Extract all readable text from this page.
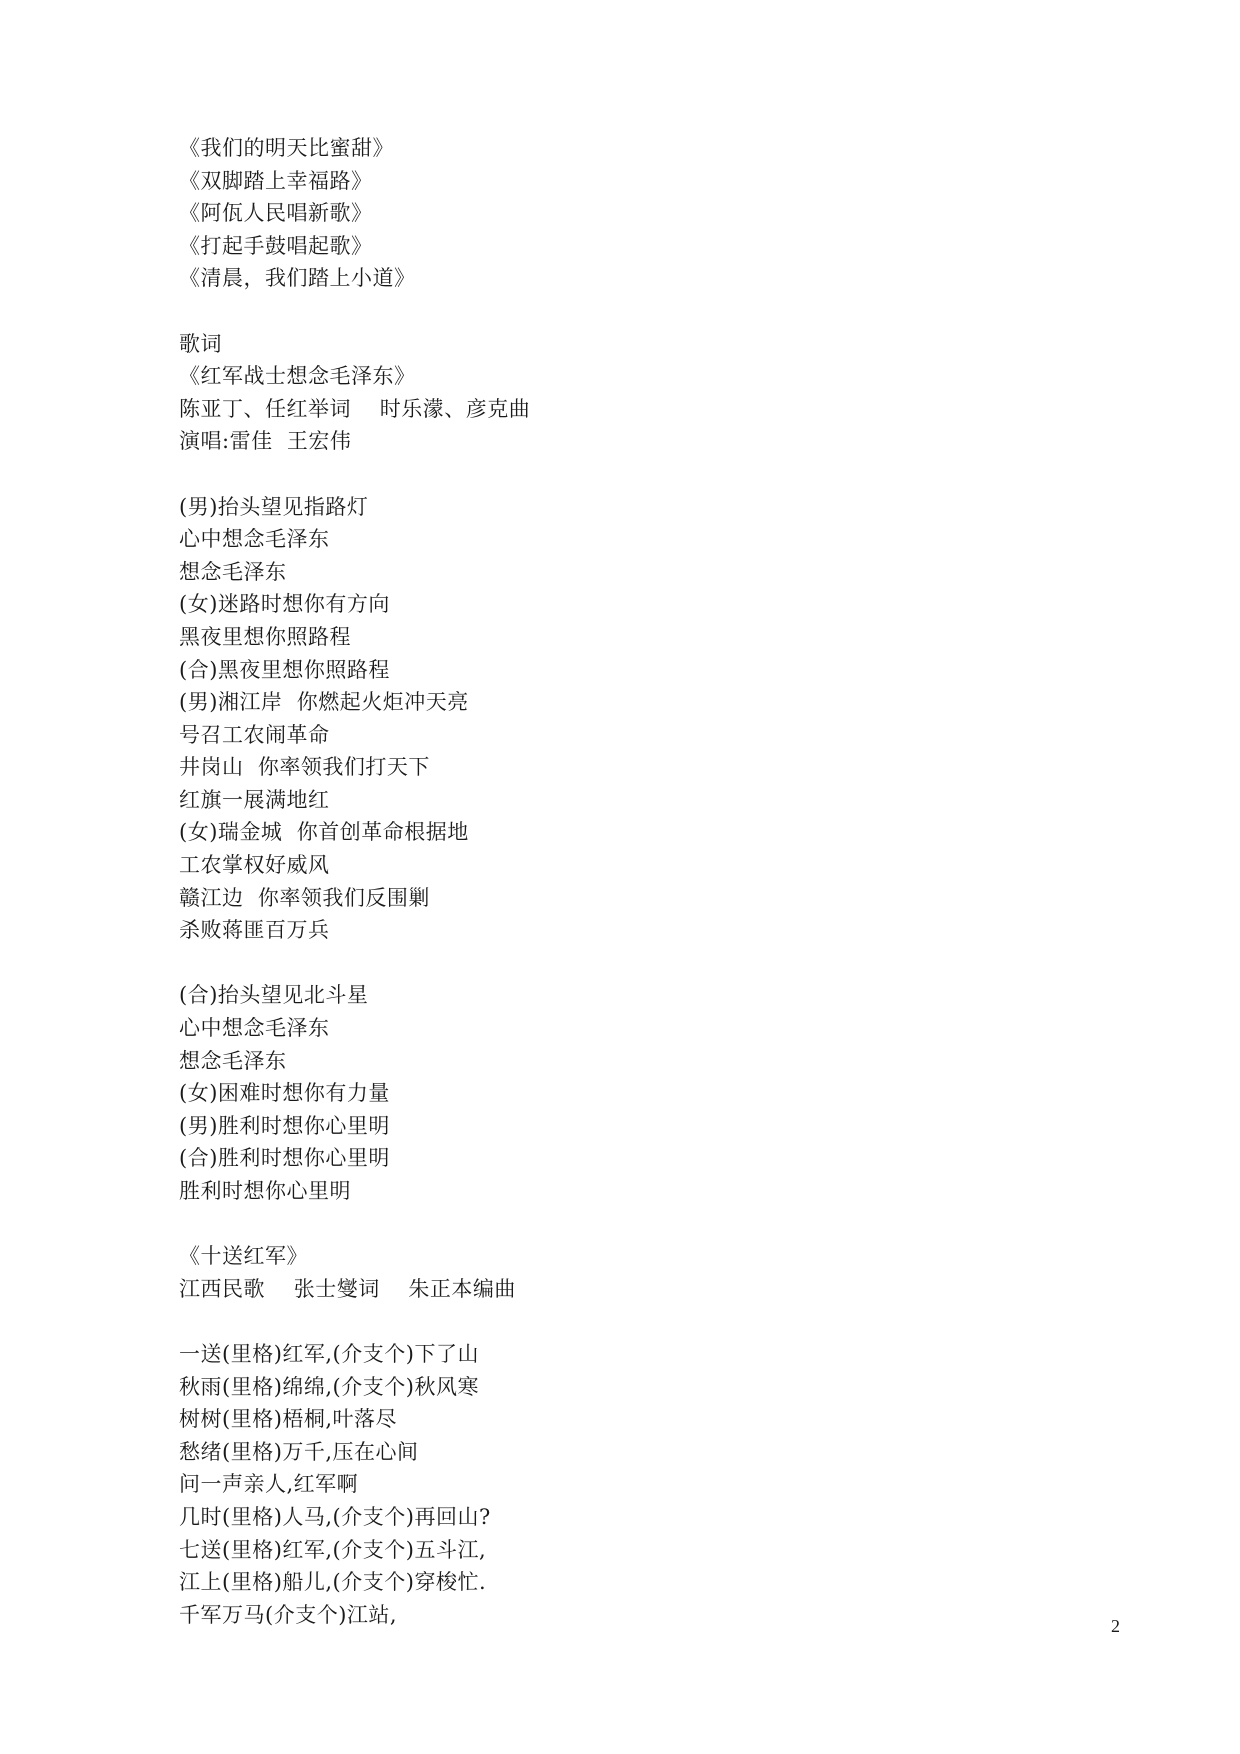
《我们的明天比蜜甜》
《双脚踏上幸福路》
《阿佤人民唱新歌》
《打起手鼓唱起歌》
《清晨，我们踏上小道》
歌词
《红军战士想念毛泽东》
陈亚丁、任红举词    时乐濛、彦克曲
演唱:雷佳  王宏伟
(男)抬头望见指路灯
心中想念毛泽东
想念毛泽东
(女)迷路时想你有方向
黑夜里想你照路程
(合)黑夜里想你照路程
(男)湘江岸  你燃起火炬冲天亮
号召工农闹革命
井岗山  你率领我们打天下
红旗一展满地红
(女)瑞金城  你首创革命根据地
工农掌权好威风
赣江边  你率领我们反围剿
杀败蒋匪百万兵
(合)抬头望见北斗星
心中想念毛泽东
想念毛泽东
(女)困难时想你有力量
(男)胜利时想你心里明
(合)胜利时想你心里明
胜利时想你心里明
《十送红军》
江西民歌    张士燮词    朱正本编曲
一送(里格)红军,(介支个)下了山
秋雨(里格)绵绵,(介支个)秋风寒
树树(里格)梧桐,叶落尽
愁绪(里格)万千,压在心间
问一声亲人,红军啊
几时(里格)人马,(介支个)再回山?
七送(里格)红军,(介支个)五斗江,
江上(里格)船儿,(介支个)穿梭忙.
千军万马(介支个)江站,	2
